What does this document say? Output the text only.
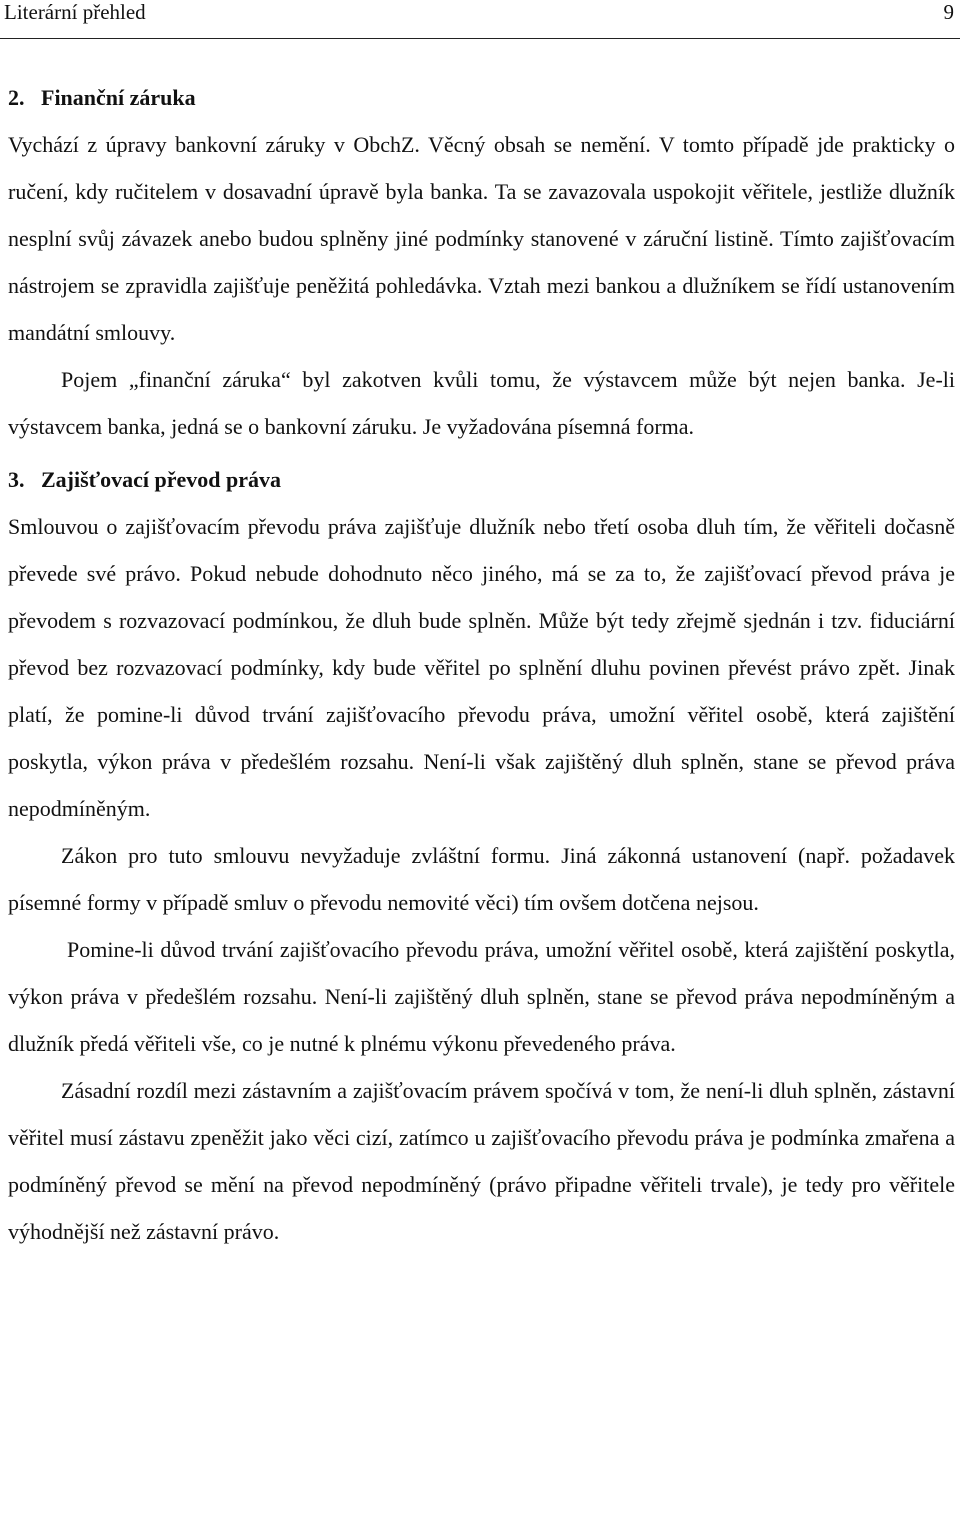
Literární přehled	9

2. Finanční záruka

Vychází z úpravy bankovní záruky v ObchZ. Věcný obsah se nemění. V tomto případě jde prakticky o ručení, kdy ručitelem v dosavadní úpravě byla banka. Ta se zavazovala uspokojit věřitele, jestliže dlužník nesplní svůj závazek anebo budou splněny jiné podmínky stanovené v záruční listině. Tímto zajišťovacím nástrojem se zpravidla zajišťuje peněžitá pohledávka. Vztah mezi bankou a dlužníkem se řídí ustanovením mandátní smlouvy.

Pojem „finanční záruka“ byl zakotven kvůli tomu, že výstavcem může být nejen banka. Je-li výstavcem banka, jedná se o bankovní záruku. Je vyžadována písemná forma.

3. Zajišťovací převod práva

Smlouvou o zajišťovacím převodu práva zajišťuje dlužník nebo třetí osoba dluh tím, že věřiteli dočasně převede své právo. Pokud nebude dohodnuto něco jiného, má se za to, že zajišťovací převod práva je převodem s rozvazovací podmínkou, že dluh bude splněn. Může být tedy zřejmě sjednán i tzv. fiduciární převod bez rozvazovací podmínky, kdy bude věřitel po splnění dluhu povinen převést právo zpět. Jinak platí, že pomine-li důvod trvání zajišťovacího převodu práva, umožní věřitel osobě, která zajištění poskytla, výkon práva v předešlém rozsahu. Není-li však zajištěný dluh splněn, stane se převod práva nepodmíněným.

Zákon pro tuto smlouvu nevyžaduje zvláštní formu. Jiná zákonná ustanovení (např. požadavek písemné formy v případě smluv o převodu nemovité věci) tím ovšem dotčena nejsou.

Pomine-li důvod trvání zajišťovacího převodu práva, umožní věřitel osobě, která zajištění poskytla, výkon práva v předešlém rozsahu. Není-li zajištěný dluh splněn, stane se převod práva nepodmíněným a dlužník předá věřiteli vše, co je nutné k plnému výkonu převedeného práva.

Zásadní rozdíl mezi zástavním a zajišťovacím právem spočívá v tom, že není-li dluh splněn, zástavní věřitel musí zástavu zpeněžit jako věci cizí, zatímco u zajišťovacího převodu práva je podmínka zmařena a podmíněný převod se mění na převod nepodmíněný (právo připadne věřiteli trvale), je tedy pro věřitele výhodnější než zástavní právo.
